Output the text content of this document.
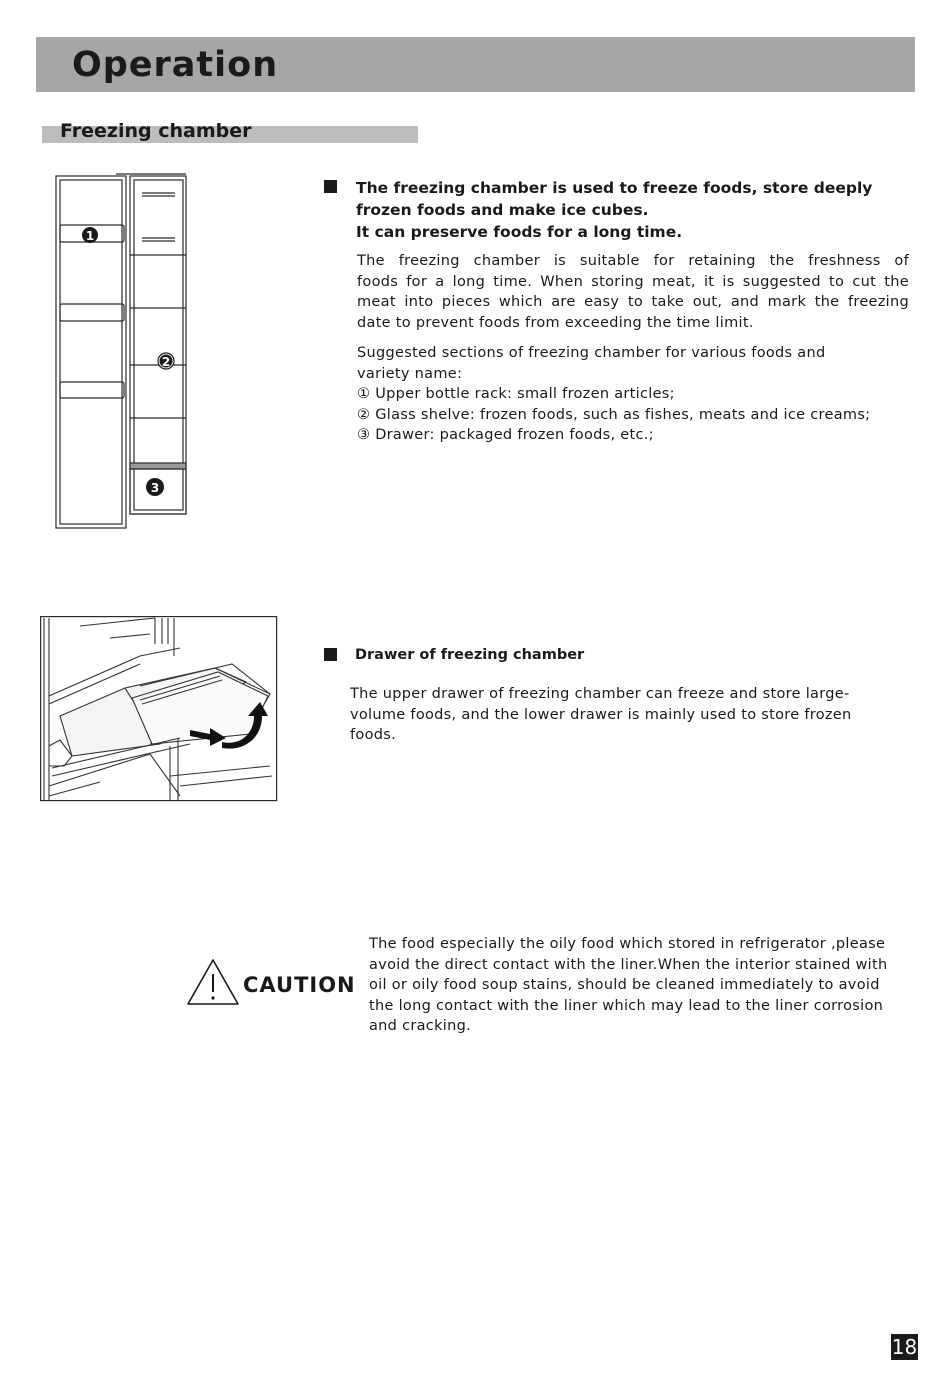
Operation
Freezing chamber
1
2
3
The freezing chamber is used to freeze foods, store deeply
frozen foods and make ice cubes.
It can preserve foods for a long time.

The freezing chamber is suitable for retaining the freshness of

foods for a long time. When storing meat, it is suggested to cut the

meat into pieces which are easy to take out, and mark the freezing

date to prevent foods from exceeding the time limit.

Suggested sections of freezing chamber for various foods and

variety name:

① Upper bottle rack: small frozen articles;

② Glass shelve: frozen foods, such as fishes, meats and ice creams;

③ Drawer: packaged frozen foods, etc.;

Drawer of freezing chamber

The upper drawer of freezing chamber can freeze and store large-

volume foods, and the lower drawer is mainly used to store frozen

foods.

CAUTION

The food especially the oily food which stored in refrigerator ,please

avoid the direct contact with the liner.When the interior stained with

oil or oily food soup stains, should be cleaned immediately to avoid

the long contact with the liner which may lead to the liner corrosion

and cracking.

18
